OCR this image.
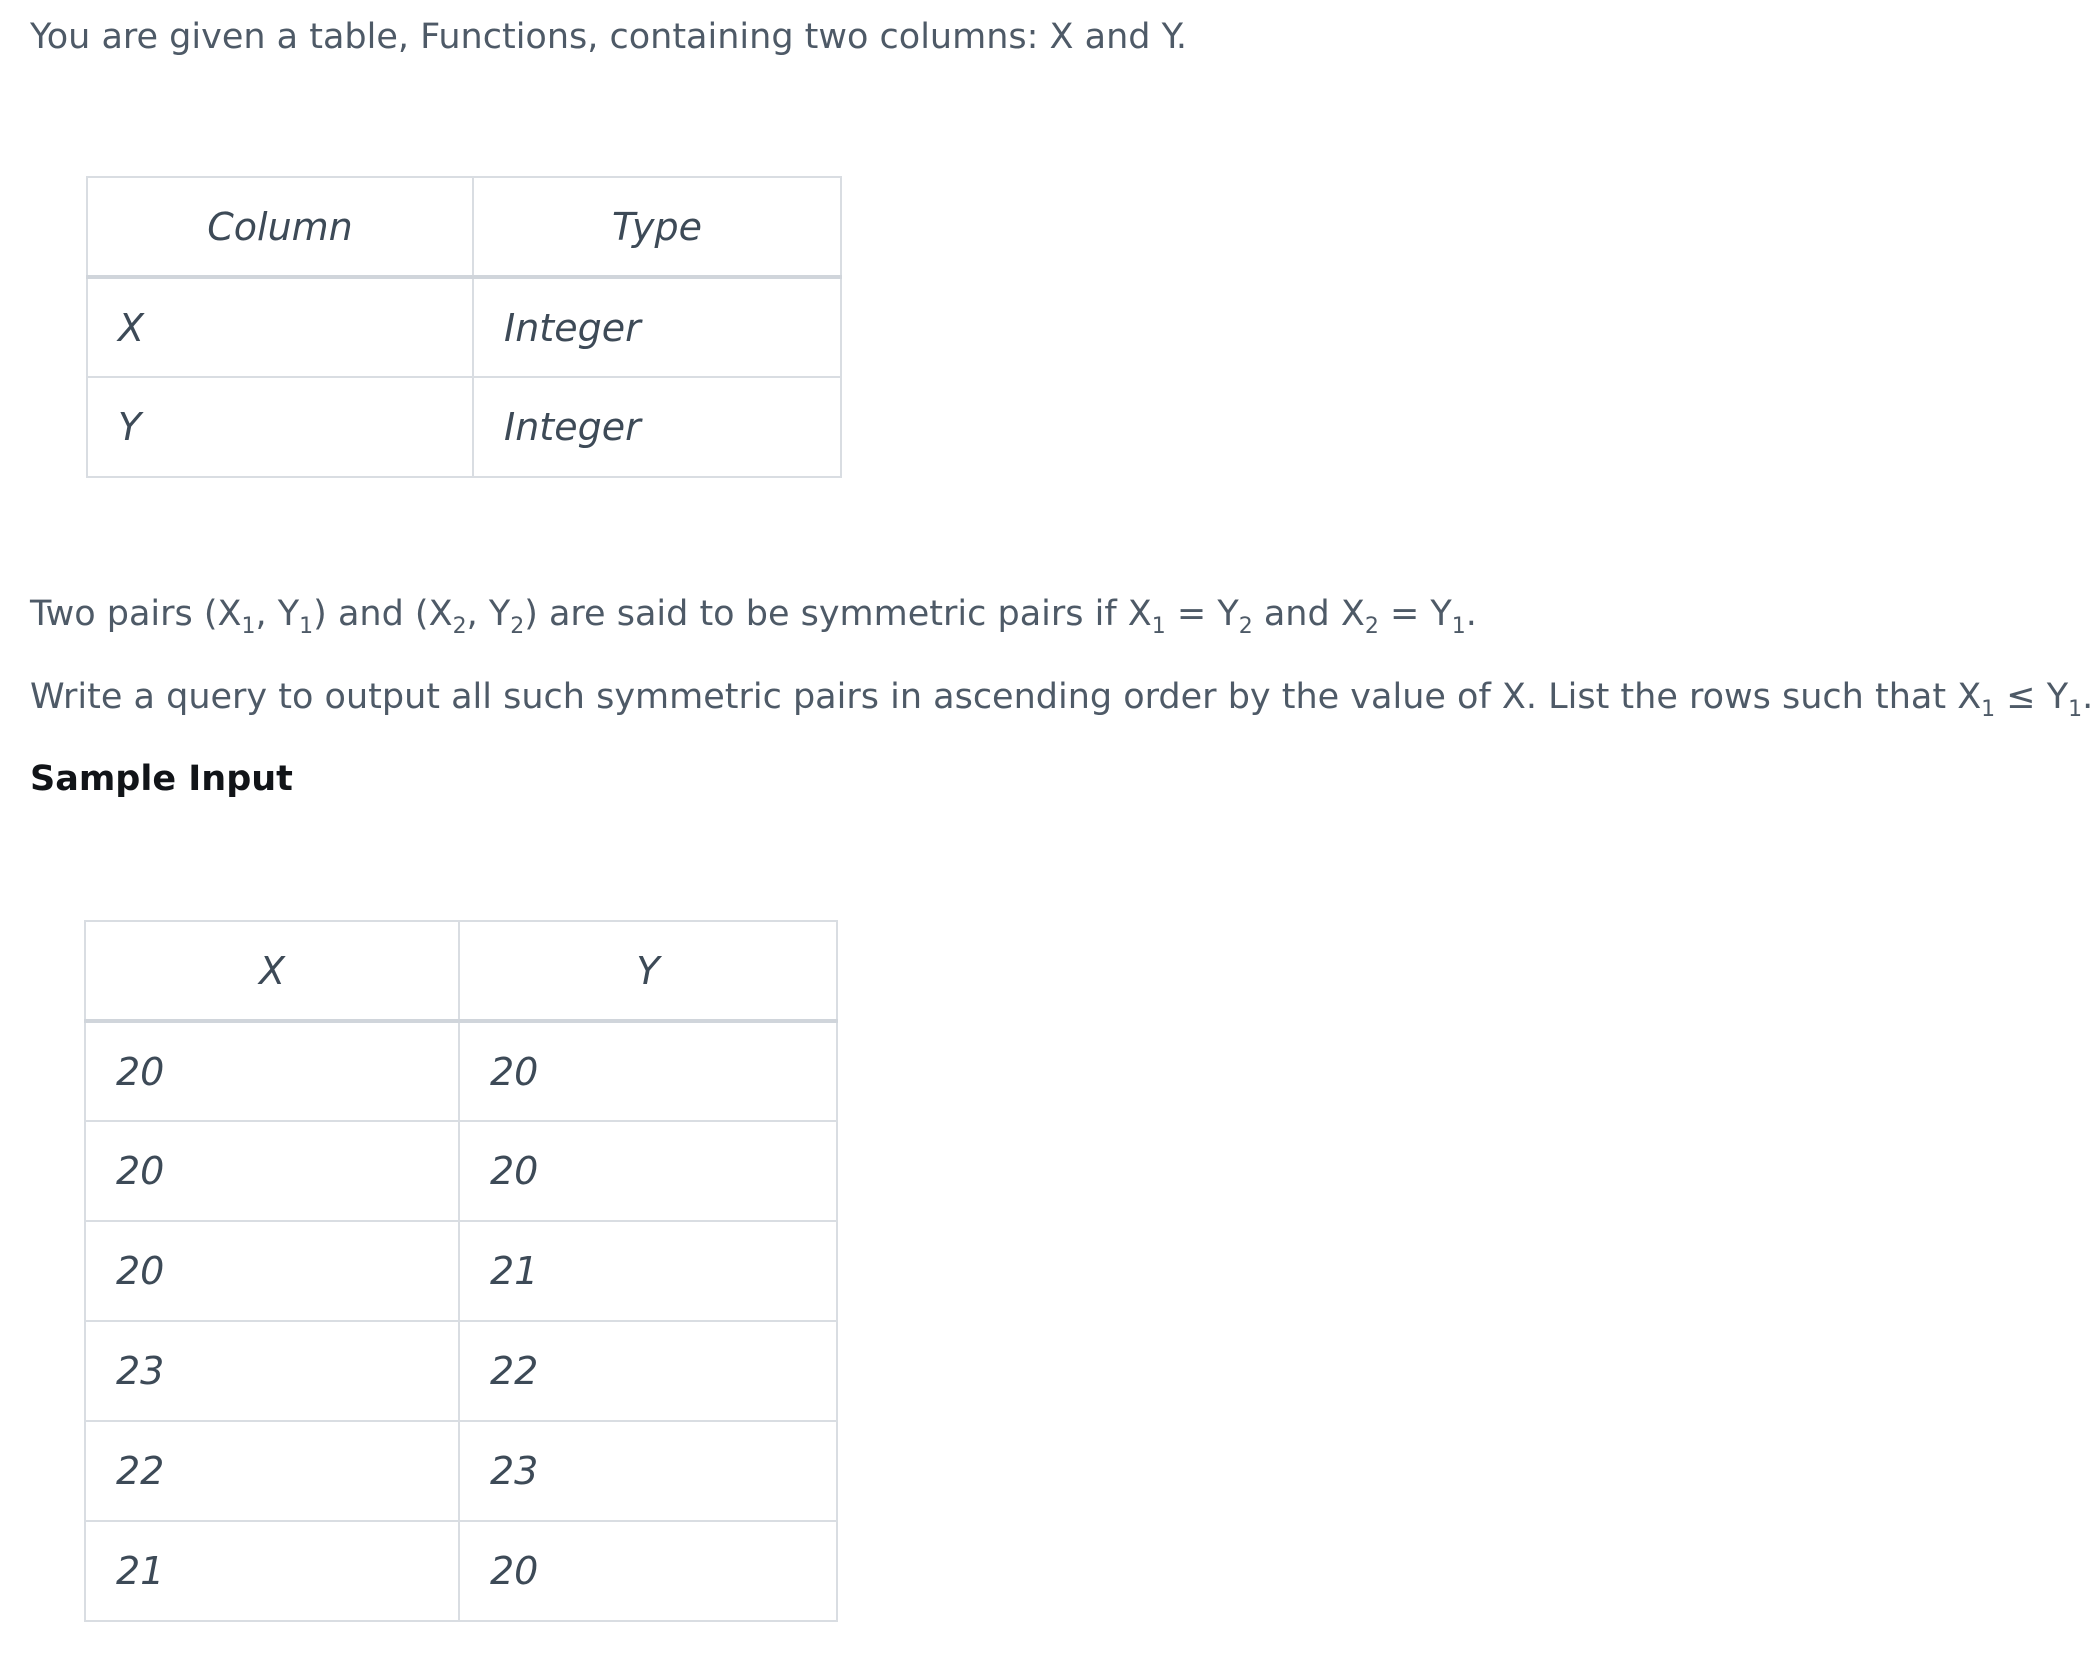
You are given a table, Functions, containing two columns: X and Y.
Column	Type
X	Integer
Y	Integer
Two pairs ($X_1$, $Y_1$) and ($X_2$, $Y_2$) are said to be symmetric pairs if $X_1 = Y_2$ and $X_2 = Y_1$.
Write a query to output all such symmetric pairs in ascending order by the value of X. List the rows such that $X_1 \le Y_1$.
Sample Input
X	Y
20	20
20	20
20	21
23	22
22	23
21	20
